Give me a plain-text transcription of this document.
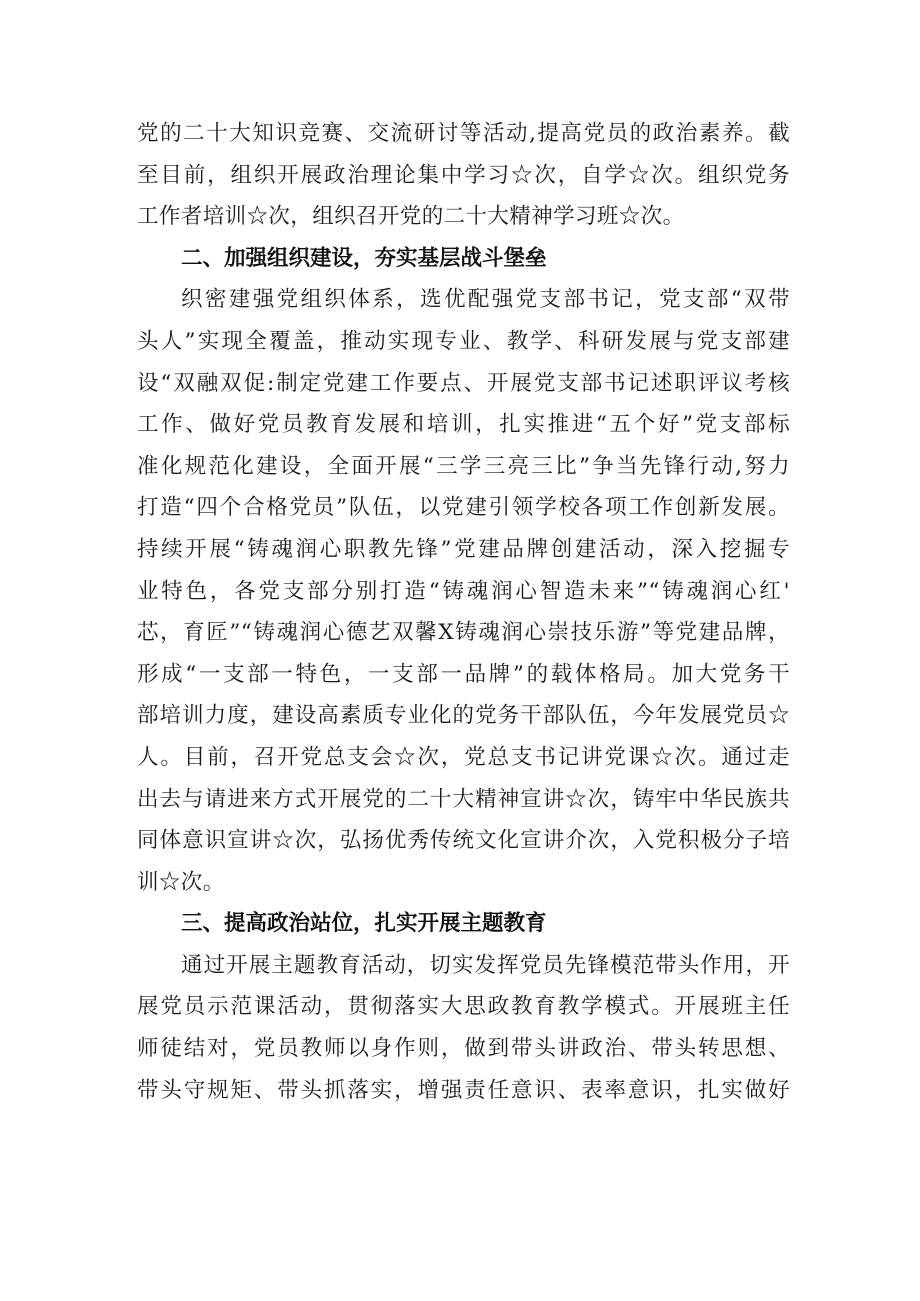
党的二十大知识竞赛、交流研讨等活动,提高党员的政治素养。截
至目前，组织开展政治理论集中学习☆次，自学☆次。组织党务
工作者培训☆次，组织召开党的二十大精神学习班☆次。
二、加强组织建设，夯实基层战斗堡垒
织密建强党组织体系，选优配强党支部书记，党支部“双带
头人”实现全覆盖，推动实现专业、教学、科研发展与党支部建
设“双融双促:制定党建工作要点、开展党支部书记述职评议考核
工作、做好党员教育发展和培训，扎实推进“五个好”党支部标
准化规范化建设，全面开展“三学三亮三比”争当先锋行动,努力
打造“四个合格党员”队伍，以党建引领学校各项工作创新发展。
持续开展“铸魂润心职教先锋”党建品牌创建活动，深入挖掘专
业特色，各党支部分别打造“铸魂润心智造未来”“铸魂润心红'
芯，育匠”“铸魂润心德艺双馨X铸魂润心崇技乐游”等党建品牌，
形成“一支部一特色，一支部一品牌”的载体格局。加大党务干
部培训力度，建设高素质专业化的党务干部队伍，今年发展党员☆
人。目前，召开党总支会☆次，党总支书记讲党课☆次。通过走
出去与请进来方式开展党的二十大精神宣讲☆次，铸牢中华民族共
同体意识宣讲☆次，弘扬优秀传统文化宣讲介次，入党积极分子培
训☆次。
三、提高政治站位，扎实开展主题教育
通过开展主题教育活动，切实发挥党员先锋模范带头作用，开
展党员示范课活动，贯彻落实大思政教育教学模式。开展班主任
师徒结对，党员教师以身作则，做到带头讲政治、带头转思想、
带头守规矩、带头抓落实，增强责任意识、表率意识，扎实做好
